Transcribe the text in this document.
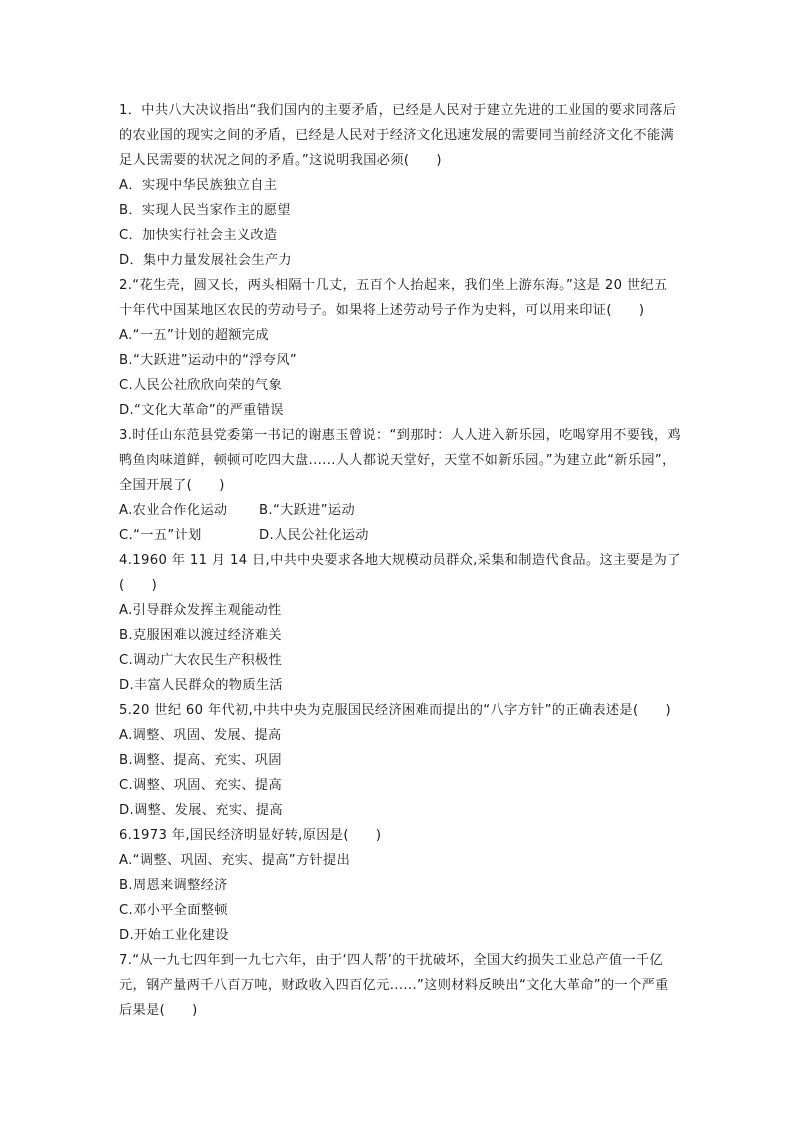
1．中共八大决议指出“我们国内的主要矛盾，已经是人民对于建立先进的工业国的要求同落后的农业国的现实之间的矛盾，已经是人民对于经济文化迅速发展的需要同当前经济文化不能满足人民需要的状况之间的矛盾。”这说明我国必须(　　)

A．实现中华民族独立自主

B．实现人民当家作主的愿望

C．加快实行社会主义改造

D．集中力量发展社会生产力

2.“花生壳，圆又长，两头相隔十几丈，五百个人抬起来，我们坐上游东海。”这是 20 世纪五十年代中国某地区农民的劳动号子。如果将上述劳动号子作为史料，可以用来印证(　　)

A.“一五”计划的超额完成

B.“大跃进”运动中的“浮夸风”

C.人民公社欣欣向荣的气象

D.“文化大革命”的严重错误

3.时任山东范县党委第一书记的谢惠玉曾说：“到那时：人人进入新乐园，吃喝穿用不要钱，鸡鸭鱼肉味道鲜，顿顿可吃四大盘......人人都说天堂好，天堂不如新乐园。”为建立此“新乐园”，全国开展了(　　)

A.农业合作化运动	B.“大跃进”运动

C.“一五”计划	D.人民公社化运动

4.1960 年 11 月 14 日,中共中央要求各地大规模动员群众,采集和制造代食品。这主要是为了(　　)

A.引导群众发挥主观能动性

B.克服困难以渡过经济难关

C.调动广大农民生产积极性

D.丰富人民群众的物质生活

5.20 世纪 60 年代初,中共中央为克服国民经济困难而提出的“八字方针”的正确表述是(　　)

A.调整、巩固、发展、提高

B.调整、提高、充实、巩固

C.调整、巩固、充实、提高

D.调整、发展、充实、提高

6.1973 年,国民经济明显好转,原因是(　　)

A.“调整、巩固、充实、提高”方针提出

B.周恩来调整经济

C.邓小平全面整顿

D.开始工业化建设

7.“从一九七四年到一九七六年，由于‘四人帮’的干扰破坏，全国大约损失工业总产值一千亿元，钢产量两千八百万吨，财政收入四百亿元......”这则材料反映出“文化大革命”的一个严重后果是(　　)
